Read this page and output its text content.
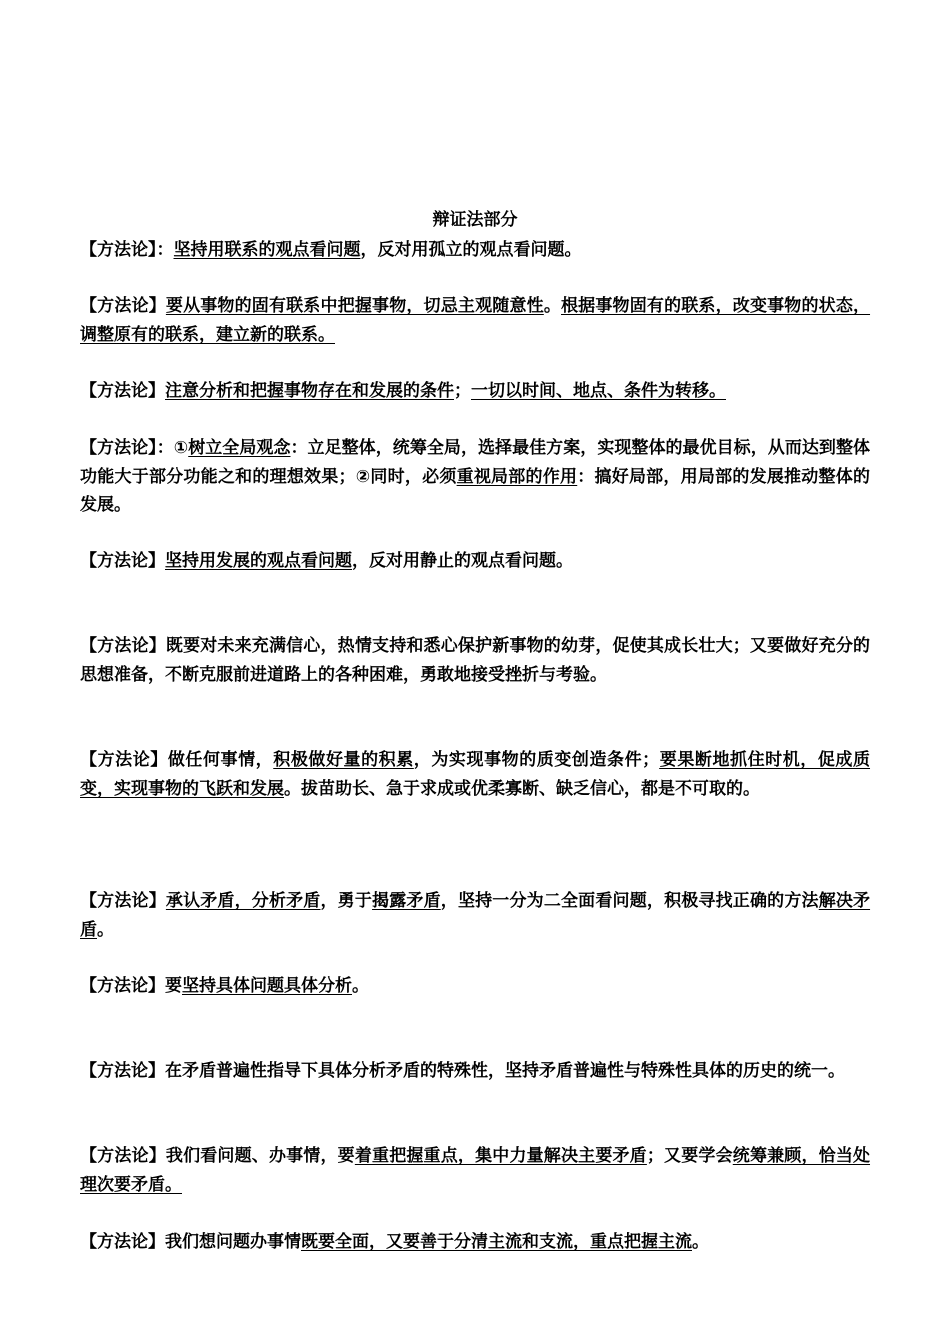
辩证法部分
【方法论】：坚持用联系的观点看问题，反对用孤立的观点看问题。
【方法论】要从事物的固有联系中把握事物，切忌主观随意性。根据事物固有的联系，改变事物的状态，调整原有的联系，建立新的联系。
【方法论】注意分析和把握事物存在和发展的条件；一切以时间、地点、条件为转移。
【方法论】：①树立全局观念：立足整体，统筹全局，选择最佳方案，实现整体的最优目标，从而达到整体功能大于部分功能之和的理想效果；②同时，必须重视局部的作用：搞好局部，用局部的发展推动整体的发展。
【方法论】坚持用发展的观点看问题，反对用静止的观点看问题。
【方法论】既要对未来充满信心，热情支持和悉心保护新事物的幼芽，促使其成长壮大；又要做好充分的思想准备，不断克服前进道路上的各种困难，勇敢地接受挫折与考验。
【方法论】做任何事情，积极做好量的积累，为实现事物的质变创造条件；要果断地抓住时机，促成质变，实现事物的飞跃和发展。拔苗助长、急于求成或优柔寡断、缺乏信心，都是不可取的。
【方法论】承认矛盾，分析矛盾，勇于揭露矛盾，坚持一分为二全面看问题，积极寻找正确的方法解决矛盾。
【方法论】要坚持具体问题具体分析。
【方法论】在矛盾普遍性指导下具体分析矛盾的特殊性，坚持矛盾普遍性与特殊性具体的历史的统一。
【方法论】我们看问题、办事情，要着重把握重点，集中力量解决主要矛盾；又要学会统筹兼顾，恰当处理次要矛盾。
【方法论】我们想问题办事情既要全面，又要善于分清主流和支流，重点把握主流。
